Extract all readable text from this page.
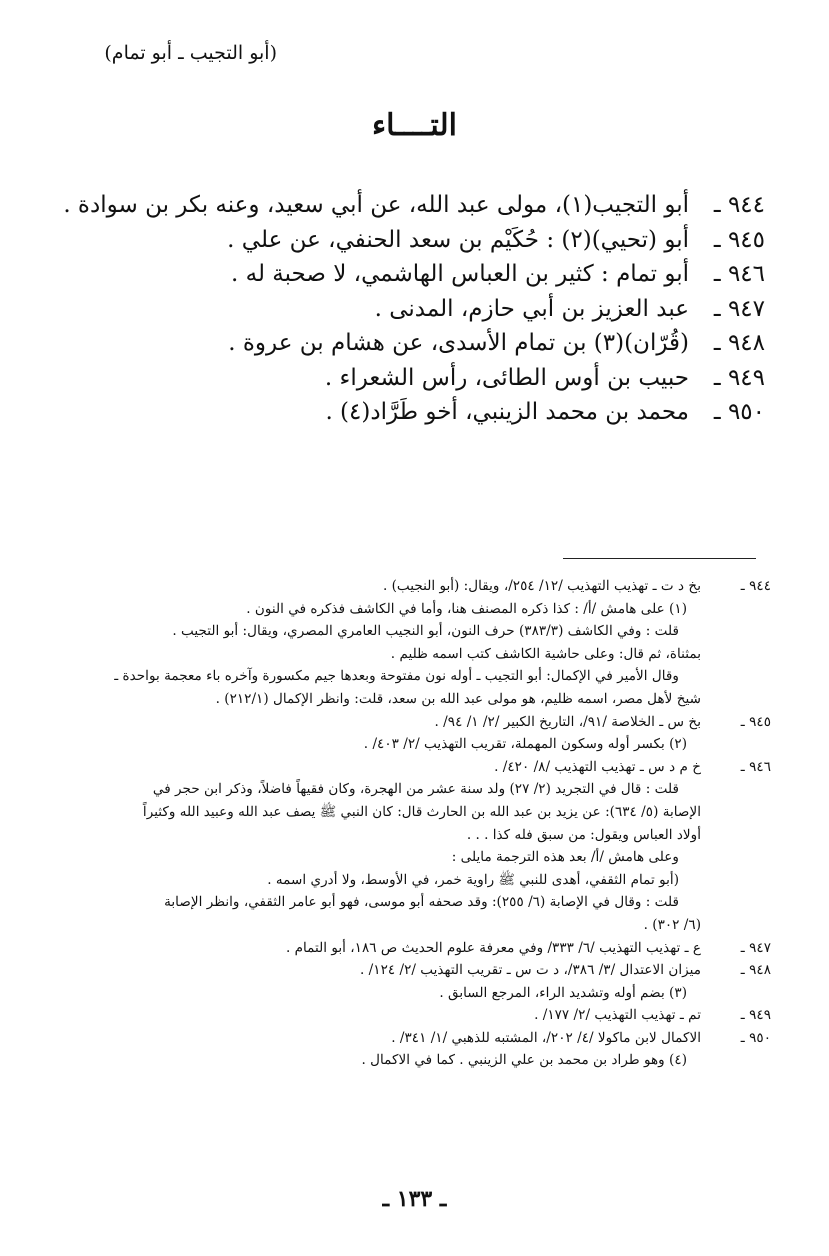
(أبو التجيب ـ أبو تمام)
التــــاء
٩٤٤ ـ
أبو التجيب(١)، مولى عبد الله، عن أبي سعيد، وعنه بكر بن سوادة .
٩٤٥ ـ
أبو (تحيي)(٢) : حُكَيْم بن سعد الحنفي، عن علي .
٩٤٦ ـ
أبو تمام : كثير بن العباس الهاشمي، لا صحبة له .
٩٤٧ ـ
عبد العزيز بن أبي حازم، المدنى .
٩٤٨ ـ
(قُرّان)(٣) بن تمام الأسدى، عن هشام بن عروة .
٩٤٩ ـ
حبيب بن أوس الطائى، رأس الشعراء .
٩٥٠ ـ
محمد بن محمد الزينبي، أخو طَرَّاد(٤) .
٩٤٤ ـ
بخ د ت ـ تهذيب التهذيب /١٢/ ٢٥٤/، ويقال: (أبو النجيب) .
(١) على هامش /أ/ : كذا ذكره المصنف هنا، وأما في الكاشف فذكره في النون .
قلت : وفي الكاشف (٣٨٣/٣) حرف النون، أبو النجيب العامري المصري، ويقال: أبو التجيب .
بمثناة، ثم قال: وعلى حاشية الكاشف كتب اسمه ظليم .
وقال الأمير في الإكمال: أبو التجيب ـ أوله نون مفتوحة وبعدها جيم مكسورة وآخره باء معجمة بواحدة ـ
شيخ لأهل مصر، اسمه ظليم، هو مولى عبد الله بن سعد، قلت: وانظر الإكمال (٢١٢/١) .
٩٤٥ ـ
بخ س ـ الخلاصة /٩١/، التاريخ الكبير /٢/ ١/ ٩٤/ .
(٢) بكسر أوله وسكون المهملة، تقريب التهذيب /٢/ ٤٠٣/ .
٩٤٦ ـ
خ م د س ـ تهذيب التهذيب /٨/ ٤٢٠/ .
قلت : قال في التجريد (٢/ ٢٧) ولد سنة عشر من الهجرة، وكان فقيهاً فاضلاً، وذكر ابن حجر في
الإصابة (٥/ ٦٣٤): عن يزيد بن عبد الله بن الحارث قال: كان النبي ﷺ يصف عبد الله وعبيد الله وكثيراً
أولاد العباس ويقول: من سبق فله كذا . . .
وعلى هامش /أ/ بعد هذه الترجمة مايلى :
(أبو تمام الثقفي، أهدى للنبي ﷺ راوية خمر، في الأوسط، ولا أدري اسمه .
قلت : وقال في الإصابة (٦/ ٢٥٥): وقد صحفه أبو موسى، فهو أبو عامر الثقفي، وانظر الإصابة
(٦/ ٣٠٢) .
٩٤٧ ـ
ع ـ تهذيب التهذيب /٦/ ٣٣٣/ وفي معرفة علوم الحديث ص ١٨٦، أبو التمام .
٩٤٨ ـ
ميزان الاعتدال /٣/ ٣٨٦/، د ت س ـ تقريب التهذيب /٢/ ١٢٤/ .
(٣) بضم أوله وتشديد الراء، المرجع السابق .
٩٤٩ ـ
تم ـ تهذيب التهذيب /٢/ ١٧٧/ .
٩٥٠ ـ
الاكمال لابن ماكولا /٤/ ٢٠٢/، المشتبه للذهبي /١/ ٣٤١/ .
(٤) وهو طراد بن محمد بن علي الزينبي . كما في الاكمال .
ـ ١٣٣ ـ
